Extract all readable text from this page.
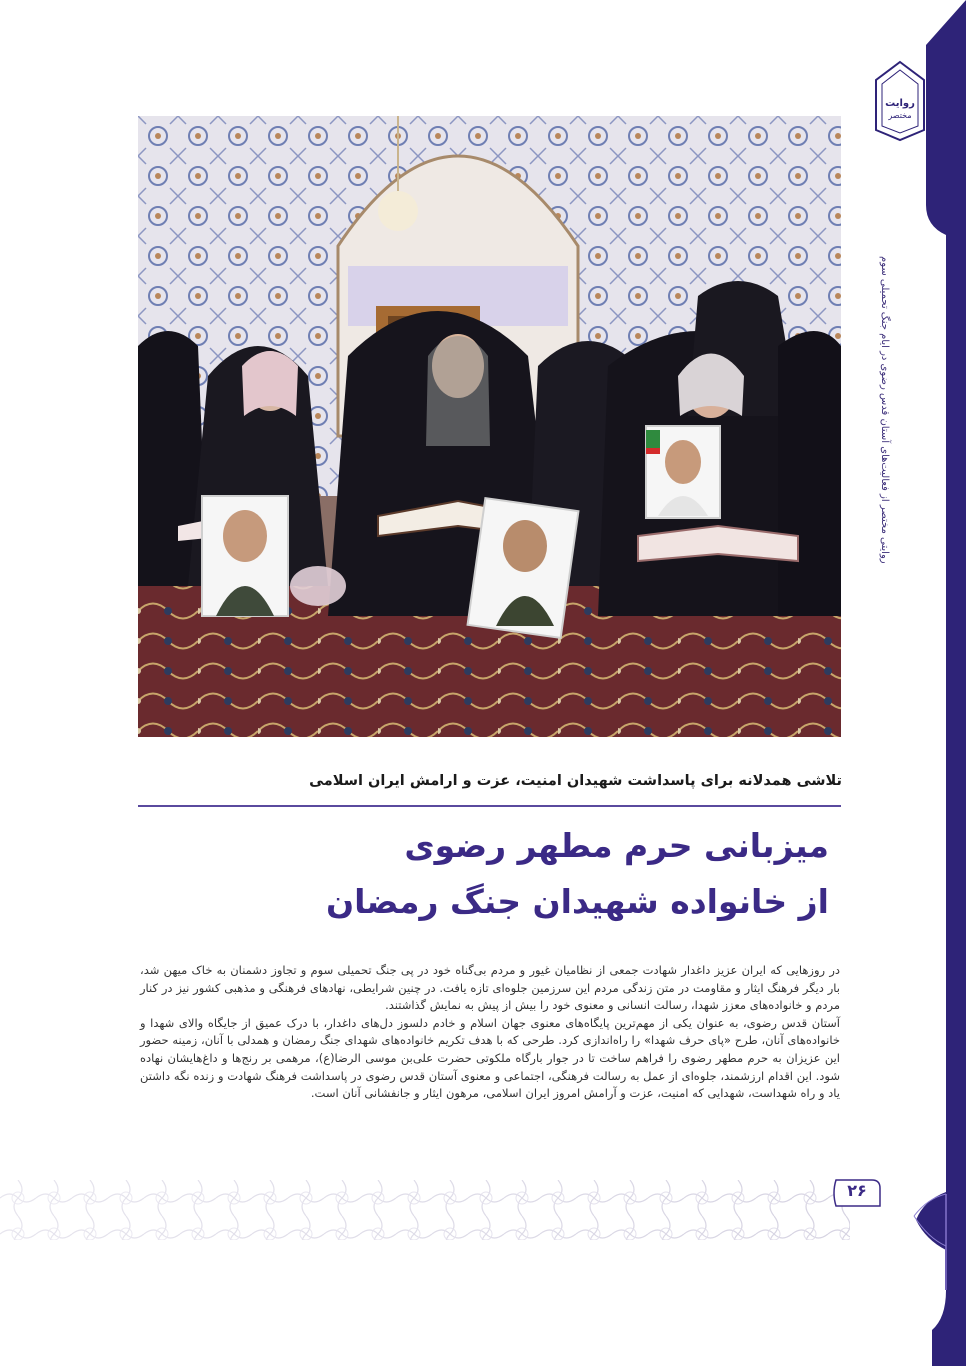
روایت
مختصر
روایتی مختصر از فعالیت‌های آستان قدس رضوی در ایام جنگ تحمیلی سوم
تلاشی همدلانه برای پاسداشت شهیدان امنیت، عزت و آرامش ایران اسلامی
میزبانی حرم مطهر رضوی
از خانواده شهیدان جنگ رمضان

در روزهایی که ایران عزیز داغدار شهادت جمعی از نظامیان غیور و مردم بی‌گناه خود در پی جنگ تحمیلی سوم و تجاوز دشمنان به خاک میهن شد، بار دیگر فرهنگ ایثار و مقاومت در متن زندگی مردم این سرزمین جلوه‌ای تازه یافت. در چنین شرایطی، نهادهای فرهنگی و مذهبی کشور نیز در کنار مردم و خانواده‌های معزز شهدا، رسالت انسانی و معنوی خود را بیش از پیش به نمایش گذاشتند.

آستان قدس رضوی، به عنوان یکی از مهم‌ترین پایگاه‌های معنوی جهان اسلام و خادم دلسوز دل‌های داغدار، با درک عمیق از جایگاه والای شهدا و خانواده‌های آنان، طرح «پای حرف شهدا» را راه‌اندازی کرد. طرحی که با هدف تکریم خانواده‌های شهدای جنگ رمضان و همدلی با آنان، زمینه حضور این عزیزان به حرم مطهر رضوی را فراهم ساخت تا در جوار بارگاه ملکوتی حضرت علی‌بن موسی الرضا(ع)، مرهمی بر رنج‌ها و داغ‌هایشان نهاده شود. این اقدام ارزشمند، جلوه‌ای از عمل به رسالت فرهنگی، اجتماعی و معنوی آستان قدس رضوی در پاسداشت فرهنگ شهادت و زنده نگه داشتن یاد و راه شهداست، شهدایی که امنیت، عزت و آرامش امروز ایران اسلامی، مرهون ایثار و جانفشانی آنان است.

۲۶
